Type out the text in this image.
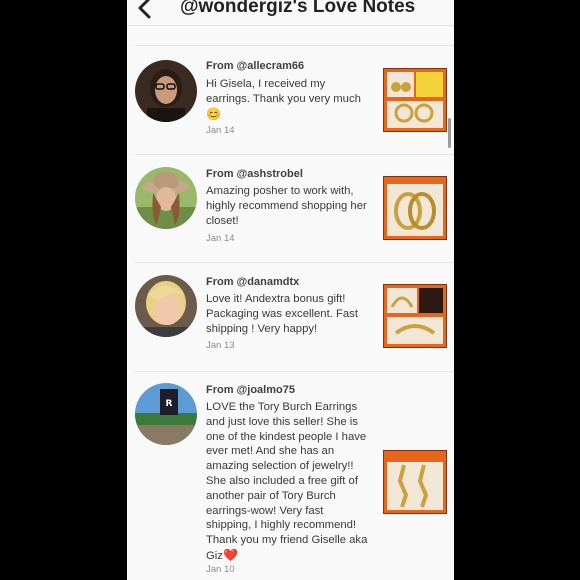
@wondergiz's Love Notes
From @allecram66
Hi Gisela, I received my earrings. Thank you very much
😊
Jan 14
From @ashstrobel
Amazing posher to work with, highly recommend shopping her closet!
Jan 14
From @danamdtx
Love it! Andextra bonus gift! Packaging was excellent. Fast shipping ! Very happy!
Jan 13
R
From @joalmo75
LOVE the Tory Burch Earrings and just love this seller! She is one of the kindest people I have ever met! And she has an amazing selection of jewelry!! She also included a free gift of another pair of Tory Burch earrings-wow! Very fast shipping, I highly recommend! Thank you my friend Giselle aka Giz❤️
Jan 10
